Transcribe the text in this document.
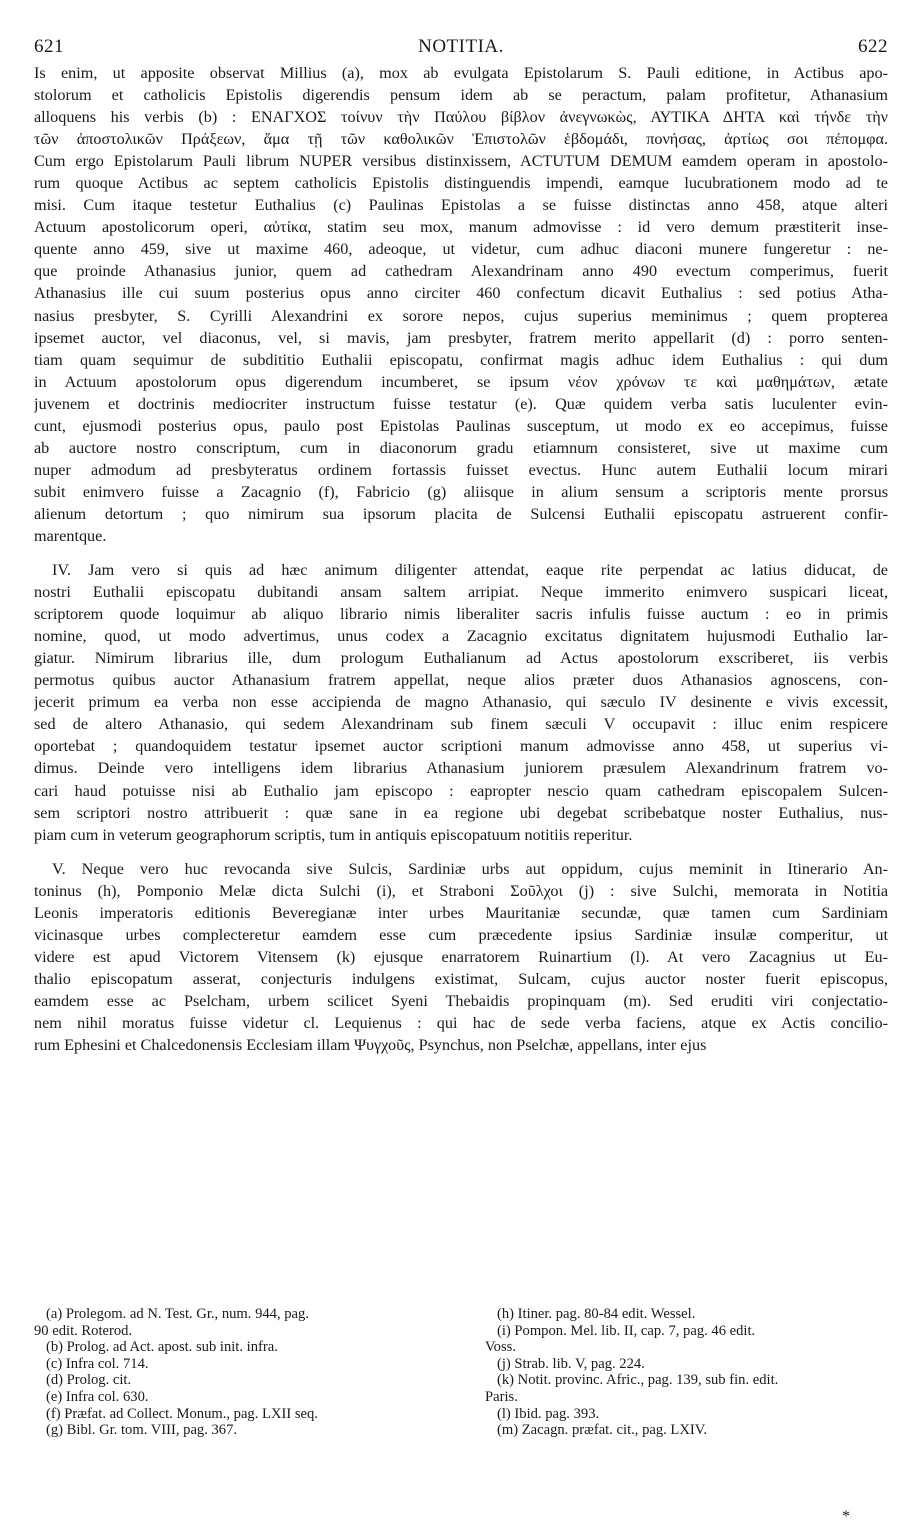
621	NOTITIA.	622
Is enim, ut apposite observat Millius (a), mox ab evulgata Epistolarum S. Pauli editione, in Actibus apo-
stolorum et catholicis Epistolis digerendis pensum idem ab se peractum, palam profitetur, Athanasium
alloquens his verbis (b) : ΕΝΑΓΧΟΣ τοίνυν τὴν Παύλου βίβλον ἀνεγνωκὼς, ΑΥΤΙΚΑ ΔΗΤΑ καὶ τήνδε τὴν
τῶν ἀποστολικῶν Πράξεων, ἅμα τῇ τῶν καθολικῶν Ἐπιστολῶν ἑβδομάδι, πονήσας, ἀρτίως σοι πέπομφα.
Cum ergo Epistolarum Pauli librum NUPER versibus distinxissem, ACTUTUM DEMUM eamdem operam in apostolo-
rum quoque Actibus ac septem catholicis Epistolis distinguendis impendi, eamque lucubrationem modo ad te
misi. Cum itaque testetur Euthalius (c) Paulinas Epistolas a se fuisse distinctas anno 458, atque alteri
Actuum apostolicorum operi, αὐτίκα, statim seu mox, manum admovisse : id vero demum præstiterit inse-
quente anno 459, sive ut maxime 460, adeoque, ut videtur, cum adhuc diaconi munere fungeretur : ne-
que proinde Athanasius junior, quem ad cathedram Alexandrinam anno 490 evectum comperimus, fuerit
Athanasius ille cui suum posterius opus anno circiter 460 confectum dicavit Euthalius : sed potius Atha-
nasius presbyter, S. Cyrilli Alexandrini ex sorore nepos, cujus superius meminimus ; quem propterea
ipsemet auctor, vel diaconus, vel, si mavis, jam presbyter, fratrem merito appellarit (d) : porro senten-
tiam quam sequimur de subdititio Euthalii episcopatu, confirmat magis adhuc idem Euthalius : qui dum
in Actuum apostolorum opus digerendum incumberet, se ipsum νέον χρόνων τε καὶ μαθημάτων, ætate
juvenem et doctrinis mediocriter instructum fuisse testatur (e). Quæ quidem verba satis luculenter evin-
cunt, ejusmodi posterius opus, paulo post Epistolas Paulinas susceptum, ut modo ex eo accepimus, fuisse
ab auctore nostro conscriptum, cum in diaconorum gradu etiamnum consisteret, sive ut maxime cum
nuper admodum ad presbyteratus ordinem fortassis fuisset evectus. Hunc autem Euthalii locum mirari
subit enimvero fuisse a Zacagnio (f), Fabricio (g) aliisque in alium sensum a scriptoris mente prorsus
alienum detortum ; quo nimirum sua ipsorum placita de Sulcensi Euthalii episcopatu astruerent confir-
marentque.
IV. Jam vero si quis ad hæc animum diligenter attendat, eaque rite perpendat ac latius diducat, de
nostri Euthalii episcopatu dubitandi ansam saltem arripiat. Neque immerito enimvero suspicari liceat,
scriptorem quode loquimur ab aliquo librario nimis liberaliter sacris infulis fuisse auctum : eo in primis
nomine, quod, ut modo advertimus, unus codex a Zacagnio excitatus dignitatem hujusmodi Euthalio lar-
giatur. Nimirum librarius ille, dum prologum Euthalianum ad Actus apostolorum exscriberet, iis verbis
permotus quibus auctor Athanasium fratrem appellat, neque alios præter duos Athanasios agnoscens, con-
jecerit primum ea verba non esse accipienda de magno Athanasio, qui sæculo IV desinente e vivis excessit,
sed de altero Athanasio, qui sedem Alexandrinam sub finem sæculi V occupavit : illuc enim respicere
oportebat ; quandoquidem testatur ipsemet auctor scriptioni manum admovisse anno 458, ut superius vi-
dimus. Deinde vero intelligens idem librarius Athanasium juniorem præsulem Alexandrinum fratrem vo-
cari haud potuisse nisi ab Euthalio jam episcopo : eapropter nescio quam cathedram episcopalem Sulcen-
sem scriptori nostro attribuerit : quæ sane in ea regione ubi degebat scribebatque noster Euthalius, nus-
piam cum in veterum geographorum scriptis, tum in antiquis episcopatuum notitiis reperitur.
V. Neque vero huc revocanda sive Sulcis, Sardiniæ urbs aut oppidum, cujus meminit in Itinerario An-
toninus (h), Pomponio Melæ dicta Sulchi (i), et Straboni Σοῦλχοι (j) : sive Sulchi, memorata in Notitia
Leonis imperatoris editionis Beveregianæ inter urbes Mauritaniæ secundæ, quæ tamen cum Sardiniam
vicinasque urbes complecteretur eamdem esse cum præcedente ipsius Sardiniæ insulæ comperitur, ut
videre est apud Victorem Vitensem (k) ejusque enarratorem Ruinartium (l). At vero Zacagnius ut Eu-
thalio episcopatum asserat, conjecturis indulgens existimat, Sulcam, cujus auctor noster fuerit episcopus,
eamdem esse ac Pselcham, urbem scilicet Syeni Thebaidis propinquam (m). Sed eruditi viri conjectatio-
nem nihil moratus fuisse videtur cl. Lequienus : qui hac de sede verba faciens, atque ex Actis concilio-
rum Ephesini et Chalcedonensis Ecclesiam illam Ψυγχοῦς, Psynchus, non Pselchæ, appellans, inter ejus
(a) Prolegom. ad N. Test. Gr., num. 944, pag.
90 edit. Roterod.
(b) Prolog. ad Act. apost. sub init. infra.
(c) Infra col. 714.
(d) Prolog. cit.
(e) Infra col. 630.
(f) Præfat. ad Collect. Monum., pag. LXII seq.
(g) Bibl. Gr. tom. VIII, pag. 367.
(h) Itiner. pag. 80-84 edit. Wessel.
(i) Pompon. Mel. lib. II, cap. 7, pag. 46 edit.
Voss.
(j) Strab. lib. V, pag. 224.
(k) Notit. provinc. Afric., pag. 139, sub fin. edit.
Paris.
(l) Ibid. pag. 393.
(m) Zacagn. præfat. cit., pag. LXIV.
*
